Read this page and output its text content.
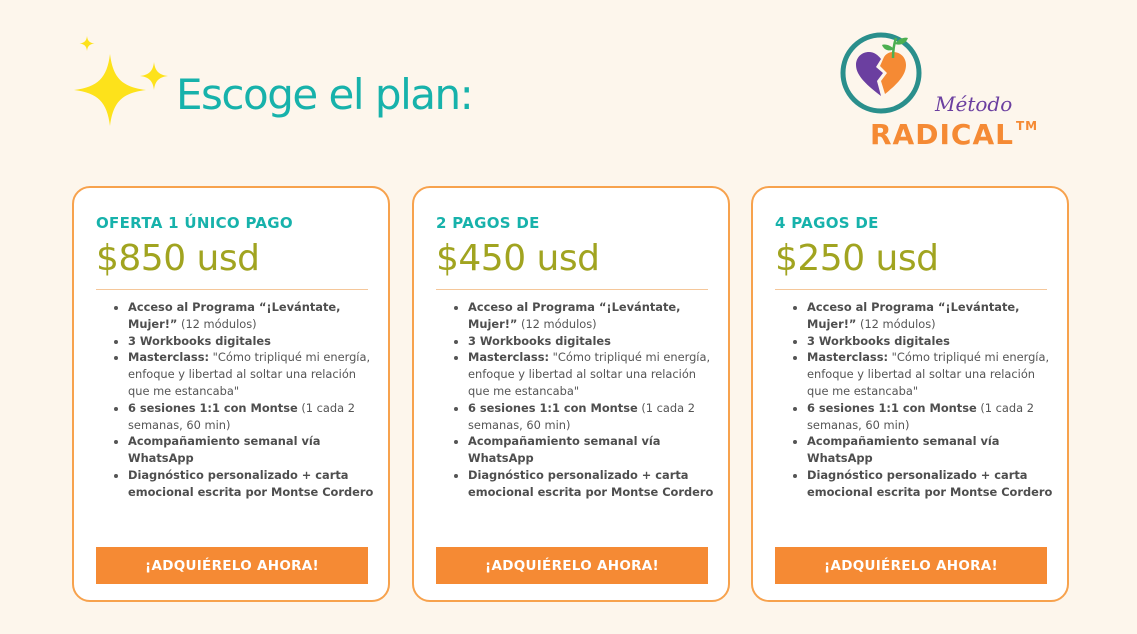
Escoge el plan:	Método
RADICAL ™
OFERTA 1 ÚNICO PAGO
$850 usd
• Acceso al Programa “¡Levántate, Mujer!” (12 módulos)
• 3 Workbooks digitales
• Masterclass: "Cómo tripliqué mi energía, enfoque y libertad al soltar una relación que me estancaba"
• 6 sesiones 1:1 con Montse (1 cada 2 semanas, 60 min)
• Acompañamiento semanal vía WhatsApp
• Diagnóstico personalizado + carta emocional escrita por Montse Cordero
¡ADQUIÉRELO AHORA!
2 PAGOS DE
$450 usd
• Acceso al Programa “¡Levántate, Mujer!” (12 módulos)
• 3 Workbooks digitales
• Masterclass: "Cómo tripliqué mi energía, enfoque y libertad al soltar una relación que me estancaba"
• 6 sesiones 1:1 con Montse (1 cada 2 semanas, 60 min)
• Acompañamiento semanal vía WhatsApp
• Diagnóstico personalizado + carta emocional escrita por Montse Cordero
¡ADQUIÉRELO AHORA!
4 PAGOS DE
$250 usd
• Acceso al Programa “¡Levántate, Mujer!” (12 módulos)
• 3 Workbooks digitales
• Masterclass: "Cómo tripliqué mi energía, enfoque y libertad al soltar una relación que me estancaba"
• 6 sesiones 1:1 con Montse (1 cada 2 semanas, 60 min)
• Acompañamiento semanal vía WhatsApp
• Diagnóstico personalizado + carta emocional escrita por Montse Cordero
¡ADQUIÉRELO AHORA!
